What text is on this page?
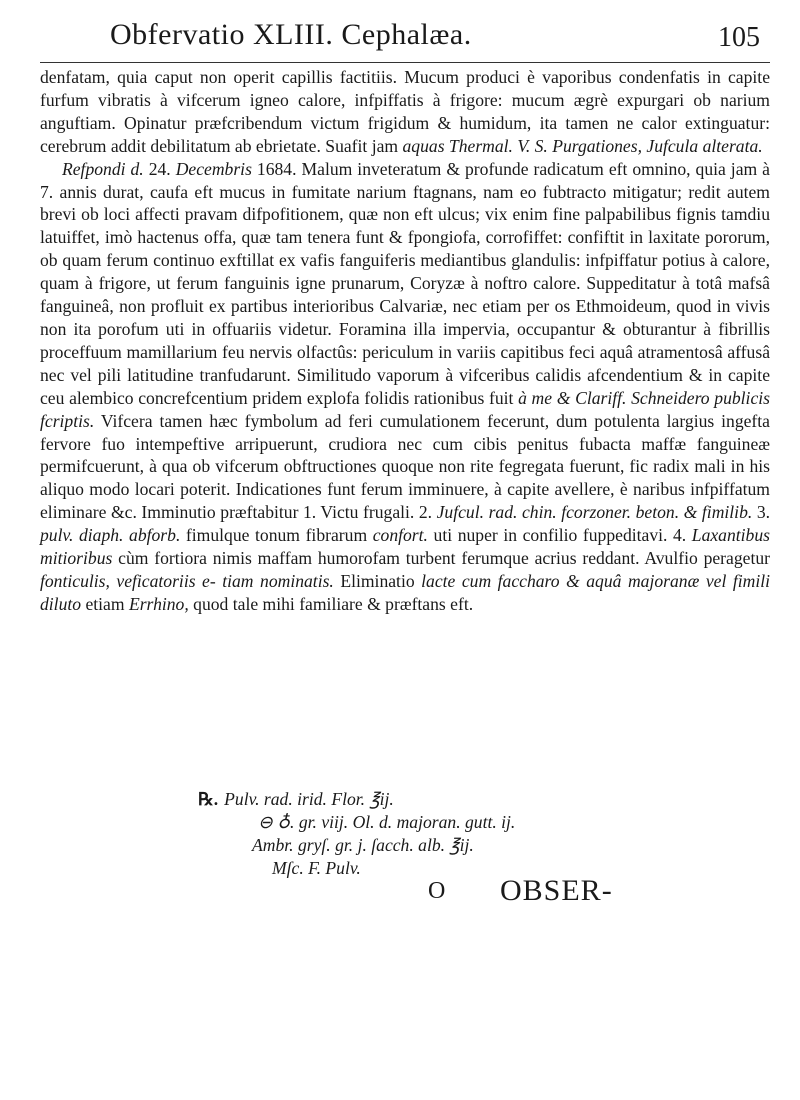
Obfervatio XLIII. Cephalæa.	105

denfatam, quia caput non operit capillis factitiis. Mucum produci è vaporibus condenfatis in capite furfum vibratis à vifcerum igneo calore, infpiffatis à frigore: mucum ægrè expurgari ob narium anguftiam. Opinatur præfcribendum victum frigidum & humidum, ita tamen ne calor extinguatur: cerebrum addit debilitatum ab ebrietate. Suafit jam aquas Thermal. V. S. Purgationes, Jufcula alterata.

Refpondi d. 24. Decembris 1684. Malum inveteratum & profunde radicatum eft omnino, quia jam à 7. annis durat, caufa eft mucus in fumitate narium ftagnans, nam eo fubtracto mitigatur; redit autem brevi ob loci affecti pravam difpofitionem, quæ non eft ulcus; vix enim fine palpabilibus fignis tamdiu latuiffet, imò hactenus offa, quæ tam tenera funt & fpongiofa, corrofiffet: confiftit in laxitate pororum, ob quam ferum continuo exftillat ex vafis fanguiferis mediantibus glandulis: infpiffatur potius à calore, quam à frigore, ut ferum fanguinis igne prunarum, Coryzæ à noftro calore. Suppeditatur à totâ mafsâ fanguineâ, non profluit ex partibus interioribus Calvariæ, nec etiam per os Ethmoideum, quod in vivis non ita porofum uti in offuariis videtur. Foramina illa impervia, occupantur & obturantur à fibrillis proceffuum mamillarium feu nervis olfactûs: periculum in variis capitibus feci aquâ atramentosâ affusâ nec vel pili latitudine tranfudarunt. Similitudo vaporum à vifceribus calidis afcendentium & in capite ceu alembico concrefcentium pridem explofa folidis rationibus fuit à me & Clariff. Schneidero publicis fcriptis. Vifcera tamen hæc fymbolum ad feri cumulationem fecerunt, dum potulenta largius ingefta fervore fuo intempeftive arripuerunt, crudiora nec cum cibis penitus fubacta maffæ fanguineæ permifcuerunt, à qua ob vifcerum obftructiones quoque non rite fegregata fuerunt, fic radix mali in his aliquo modo locari poterit. Indicationes funt ferum imminuere, à capite avellere, è naribus infpiffatum eliminare &c. Imminutio præftabitur 1. Victu frugali. 2. Jufcul. rad. chin. fcorzoner. beton. & fimilib. 3. pulv. diaph. abforb. fimulque tonum fibrarum confort. uti nuper in confilio fuppeditavi. 4. Laxantibus mitioribus cùm fortiora nimis maffam humorofam turbent ferumque acrius reddant. Avulfio peragetur fonticulis, veficatoriis e- tiam nominatis. Eliminatio lacte cum faccharo & aquâ majoranæ vel fimili diluto etiam Errhino, quod tale mihi familiare & præftans eft.

℞. Pulv. rad. irid. Flor. ℥ij.
⊖ ♁. gr. viij. Ol. d. majoran. gutt. ij.
Ambr. gryſ. gr. j. ſacch. alb. ℥ij.
Mſc. F. Pulv.
O OBSER-
